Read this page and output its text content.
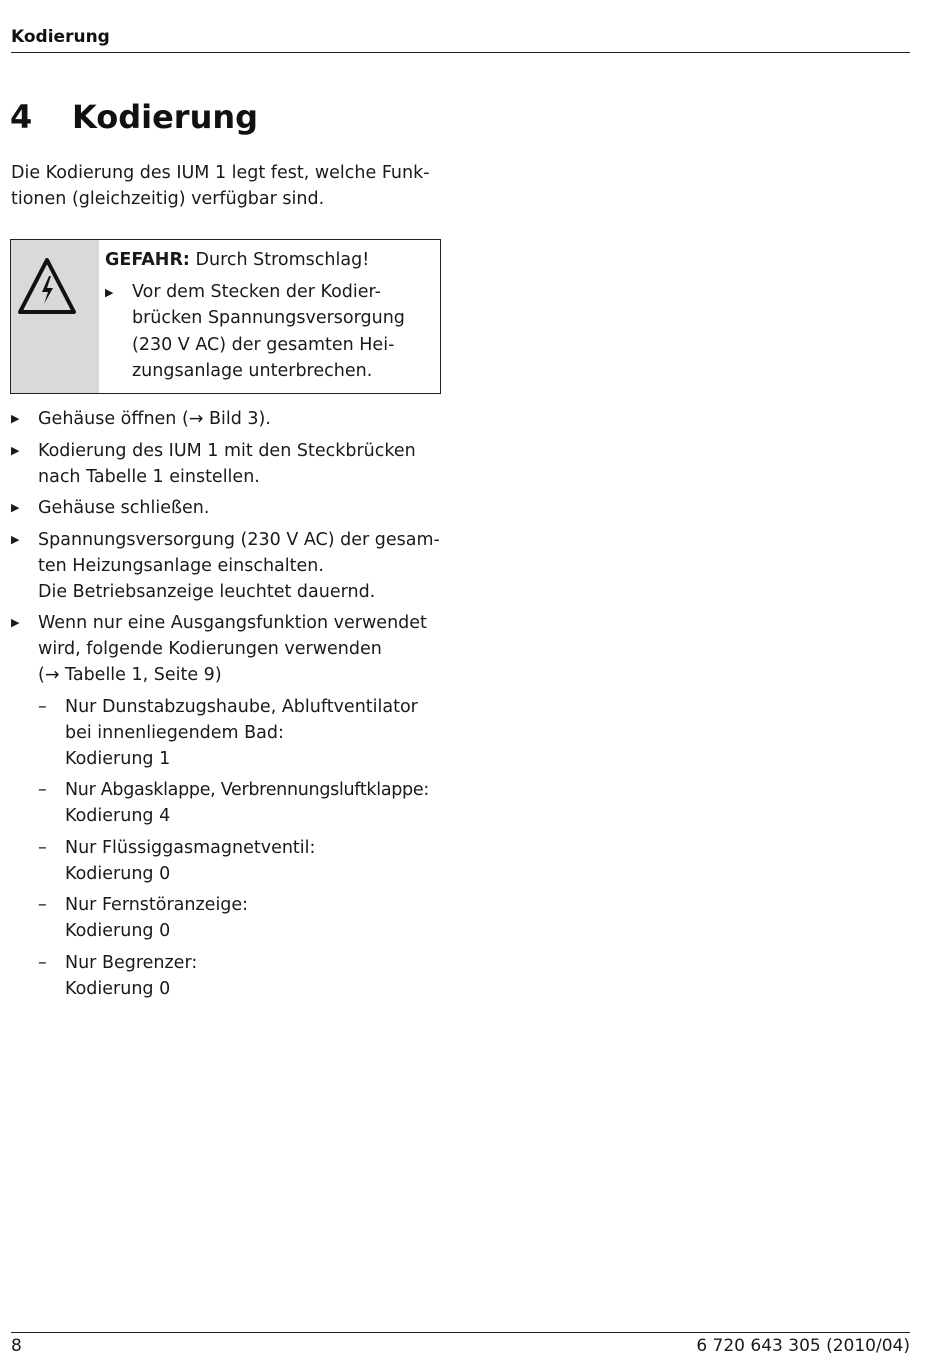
Kodierung
4	Kodierung
Die Kodierung des IUM 1 legt fest, welche Funk-
tionen (gleichzeitig) verfügbar sind.
GEFAHR: Durch Stromschlag!
▶	Vor dem Stecken der Kodier-
brücken Spannungsversorgung
(230 V AC) der gesamten Hei-
zungsanlage unterbrechen.
▶	Gehäuse öffnen (→ Bild 3).
▶	Kodierung des IUM 1 mit den Steckbrücken
nach Tabelle 1 einstellen.
▶	Gehäuse schließen.
▶	Spannungsversorgung (230 V AC) der gesam-
ten Heizungsanlage einschalten.
Die Betriebsanzeige leuchtet dauernd.
▶	Wenn nur eine Ausgangsfunktion verwendet
wird, folgende Kodierungen verwenden
(→ Tabelle 1, Seite 9)
–	Nur Dunstabzugshaube, Abluftventilator
bei innenliegendem Bad:
Kodierung 1
–	Nur Abgasklappe, Verbrennungsluftklappe:
Kodierung 4
–	Nur Flüssiggasmagnetventil:
Kodierung 0
–	Nur Fernstöranzeige:
Kodierung 0
–	Nur Begrenzer:
Kodierung 0
8	6 720 643 305 (2010/04)
